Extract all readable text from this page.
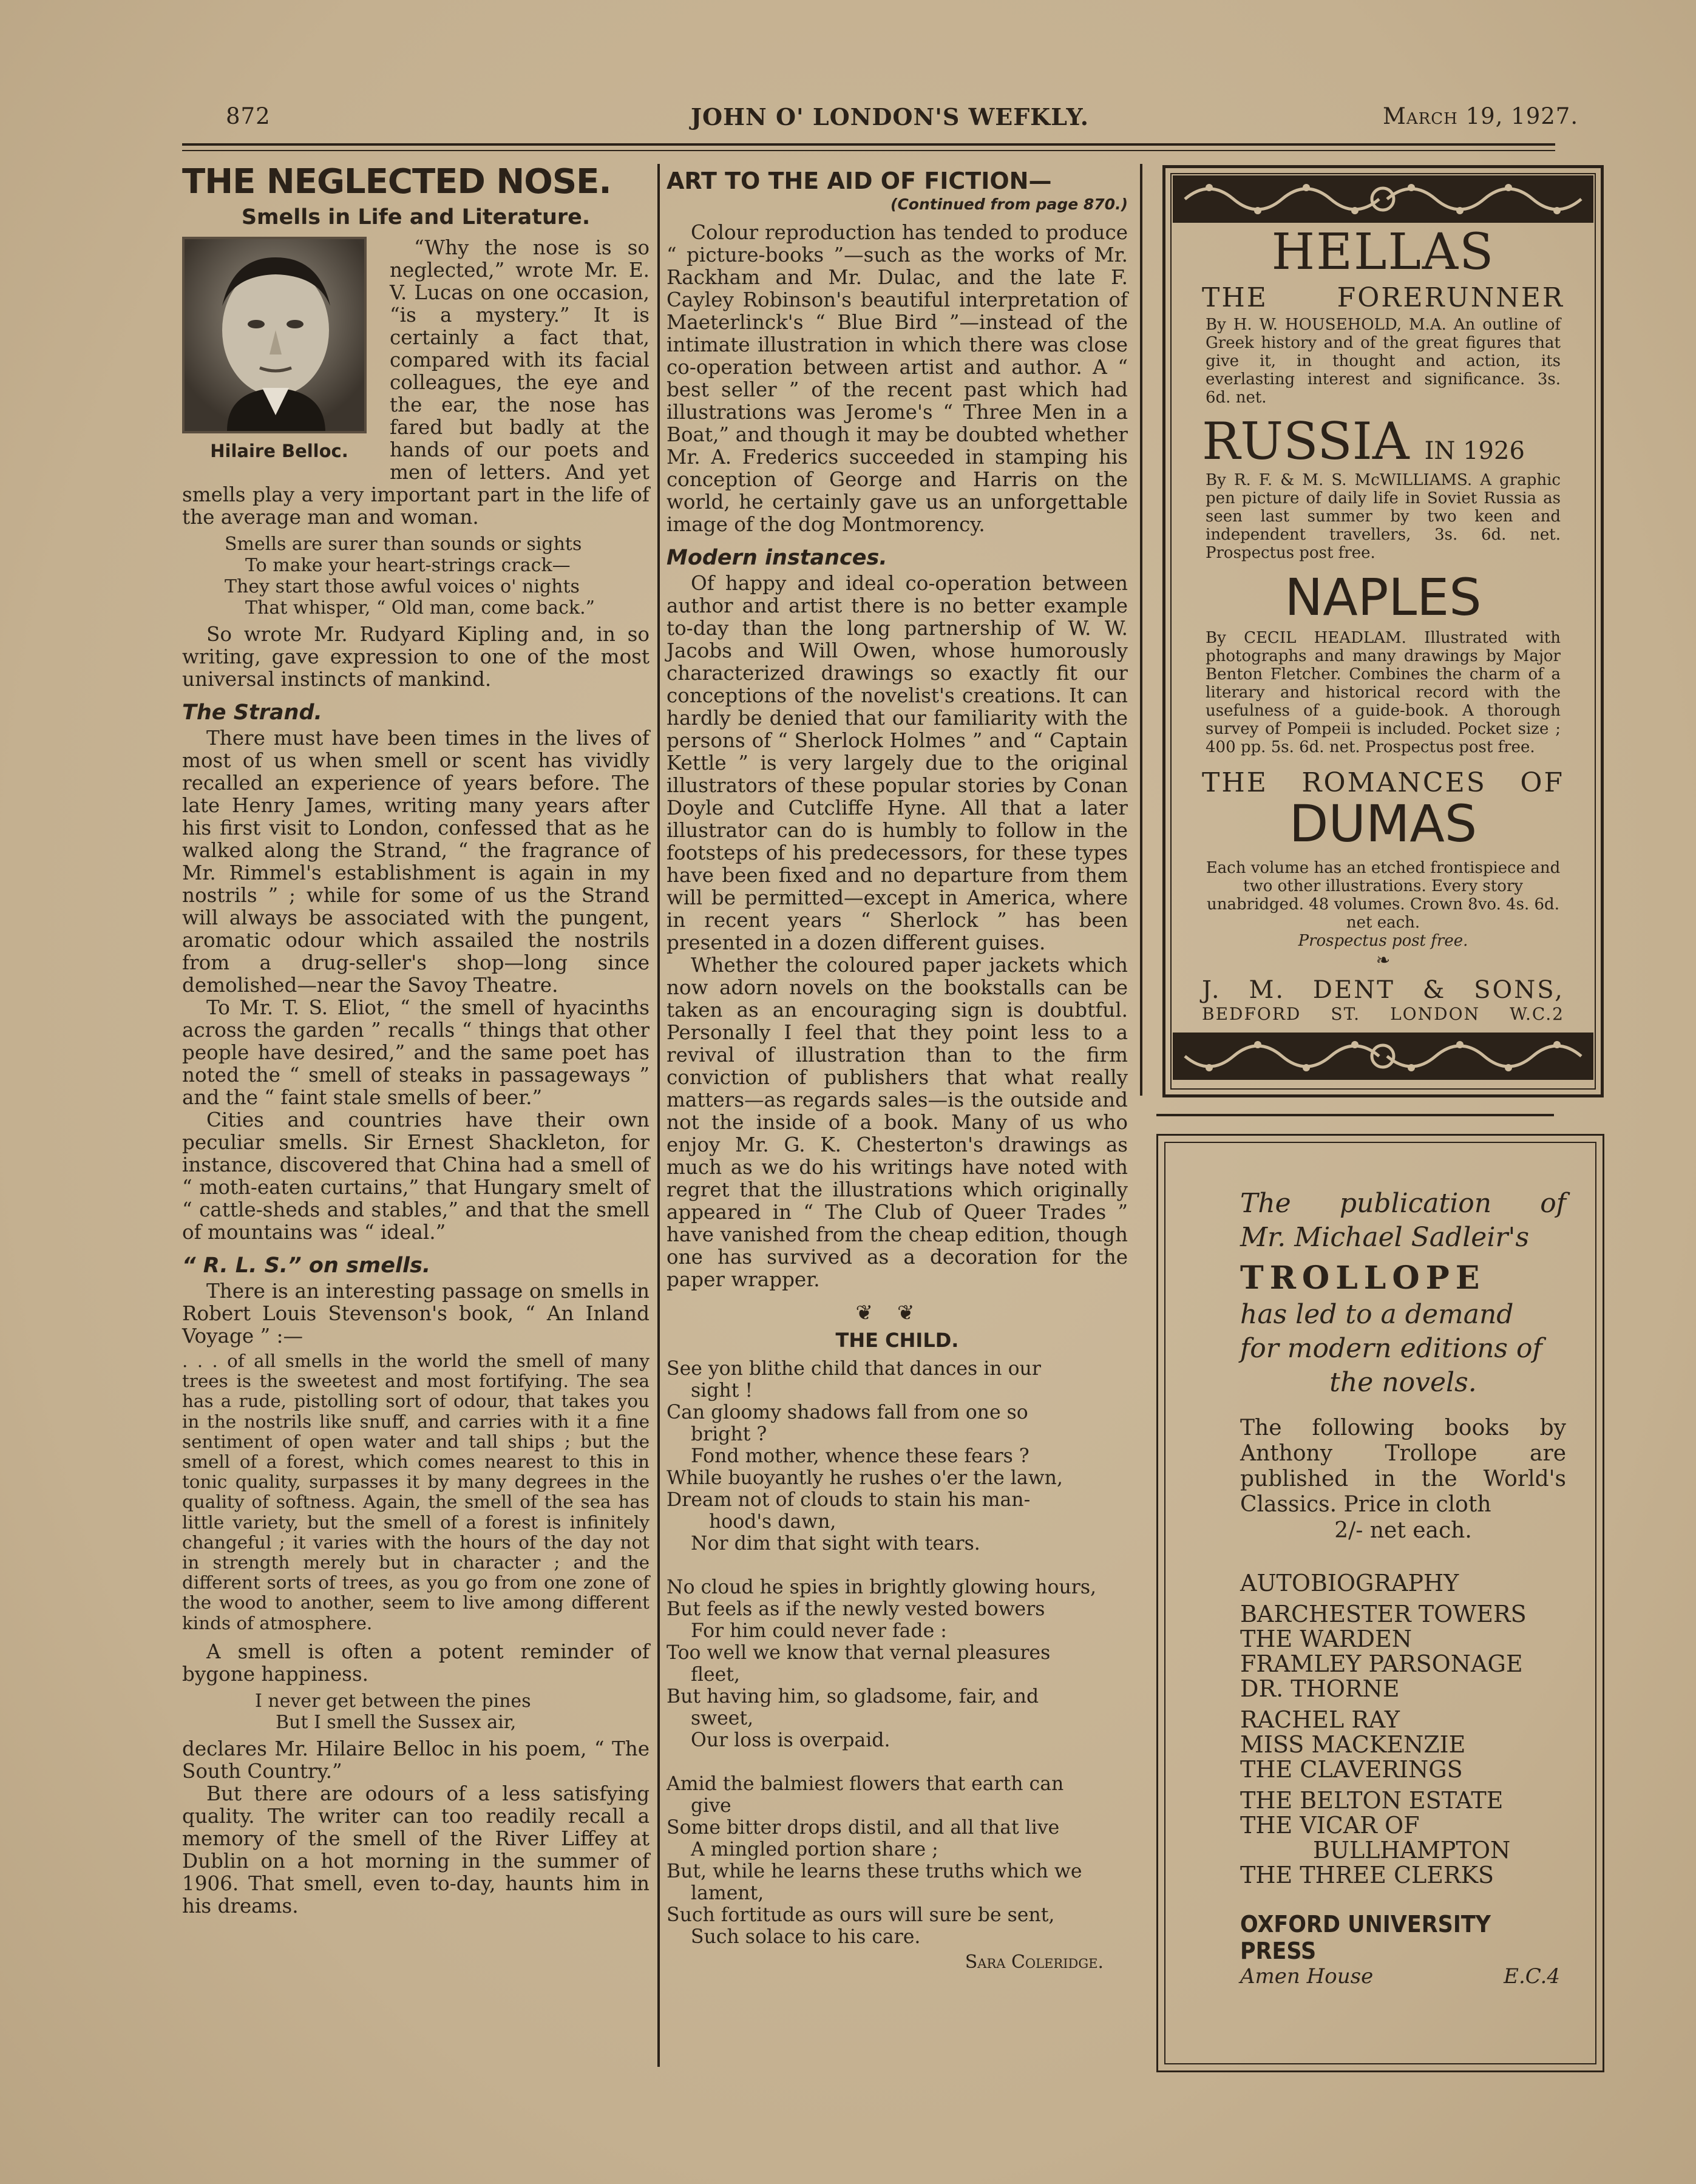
872	JOHN O' LONDON'S WEFKLY.	March 19, 1927.
THE NEGLECTED NOSE.
Smells in Life and Literature.
Hilaire Belloc.

“Why the nose is so neglected,” wrote Mr. E. V. Lucas on one occasion, “is a mystery.” It is certainly a fact that, compared with its facial colleagues, the eye and the ear, the nose has fared but badly at the hands of our poets and men of letters. And yet smells play a very important part in the life of the average man and woman.

Smells are surer than sounds or sights
To make your heart-strings crack—
They start those awful voices o' nights
That whisper, “ Old man, come back.”

So wrote Mr. Rudyard Kipling and, in so writing, gave expression to one of the most universal instincts of mankind.

The Strand.

There must have been times in the lives of most of us when smell or scent has vividly recalled an experience of years before. The late Henry James, writing many years after his first visit to London, confessed that as he walked along the Strand, “ the fragrance of Mr. Rimmel's establishment is again in my nostrils ” ; while for some of us the Strand will always be associated with the pungent, aromatic odour which assailed the nostrils from a drug-seller's shop—long since demolished—near the Savoy Theatre.

To Mr. T. S. Eliot, “ the smell of hyacinths across the garden ” recalls “ things that other people have desired,” and the same poet has noted the “ smell of steaks in passageways ” and the “ faint stale smells of beer.”

Cities and countries have their own peculiar smells. Sir Ernest Shackleton, for instance, discovered that China had a smell of “ moth-eaten curtains,” that Hungary smelt of “ cattle-sheds and stables,” and that the smell of mountains was “ ideal.”

“ R. L. S.” on smells.

There is an interesting passage on smells in Robert Louis Stevenson's book, “ An Inland Voyage ” :—

. . . of all smells in the world the smell of many trees is the sweetest and most fortifying. The sea has a rude, pistolling sort of odour, that takes you in the nostrils like snuff, and carries with it a fine sentiment of open water and tall ships ; but the smell of a forest, which comes nearest to this in tonic quality, surpasses it by many degrees in the quality of softness. Again, the smell of the sea has little variety, but the smell of a forest is infinitely changeful ; it varies with the hours of the day not in strength merely but in character ; and the different sorts of trees, as you go from one zone of the wood to another, seem to live among different kinds of atmosphere.

A smell is often a potent reminder of bygone happiness.

I never get between the pines
But I smell the Sussex air,

declares Mr. Hilaire Belloc in his poem, “ The South Country.”

But there are odours of a less satisfying quality. The writer can too readily recall a memory of the smell of the River Liffey at Dublin on a hot morning in the summer of 1906. That smell, even to-day, haunts him in his dreams.

ART TO THE AID OF FICTION—
(Continued from page 870.)

Colour reproduction has tended to produce “ picture-books ”—such as the works of Mr. Rackham and Mr. Dulac, and the late F. Cayley Robinson's beautiful interpretation of Maeterlinck's “ Blue Bird ”—instead of the intimate illustration in which there was close co-operation between artist and author. A “ best seller ” of the recent past which had illustrations was Jerome's “ Three Men in a Boat,” and though it may be doubted whether Mr. A. Frederics succeeded in stamping his conception of George and Harris on the world, he certainly gave us an unforgettable image of the dog Montmorency.

Modern instances.

Of happy and ideal co-operation between author and artist there is no better example to-day than the long partnership of W. W. Jacobs and Will Owen, whose humorously characterized drawings so exactly fit our conceptions of the novelist's creations. It can hardly be denied that our familiarity with the persons of “ Sherlock Holmes ” and “ Captain Kettle ” is very largely due to the original illustrators of these popular stories by Conan Doyle and Cutcliffe Hyne. All that a later illustrator can do is humbly to follow in the footsteps of his predecessors, for these types have been fixed and no departure from them will be permitted—except in America, where in recent years “ Sherlock ” has been presented in a dozen different guises.

Whether the coloured paper jackets which now adorn novels on the bookstalls can be taken as an encouraging sign is doubtful. Personally I feel that they point less to a revival of illustration than to the firm conviction of publishers that what really matters—as regards sales—is the outside and not the inside of a book. Many of us who enjoy Mr. G. K. Chesterton's drawings as much as we do his writings have noted with regret that the illustrations which originally appeared in “ The Club of Queer Trades ” have vanished from the cheap edition, though one has survived as a decoration for the paper wrapper.

❦❦
THE CHILD.
See yon blithe child that dances in our
sight !
Can gloomy shadows fall from one so
bright ?
Fond mother, whence these fears ?
While buoyantly he rushes o'er the lawn,
Dream not of clouds to stain his man-
hood's dawn,
Nor dim that sight with tears.
No cloud he spies in brightly glowing hours,
But feels as if the newly vested bowers
For him could never fade :
Too well we know that vernal pleasures
fleet,
But having him, so gladsome, fair, and
sweet,
Our loss is overpaid.
Amid the balmiest flowers that earth can
give
Some bitter drops distil, and all that live
A mingled portion share ;
But, while he learns these truths which we
lament,
Such fortitude as ours will sure be sent,
Such solace to his care.
Sara Coleridge.
HELLAS
THE FORERUNNER
By H. W. HOUSEHOLD, M.A. An outline of Greek history and of the great figures that give it, in thought and action, its everlasting interest and significance. 3s. 6d. net.
RUSSIA IN 1926
By R. F. & M. S. McWILLIAMS. A graphic pen picture of daily life in Soviet Russia as seen last summer by two keen and independent travellers, 3s. 6d. net. Prospectus post free.
NAPLES
By CECIL HEADLAM. Illustrated with photographs and many drawings by Major Benton Fletcher. Combines the charm of a literary and historical record with the usefulness of a guide-book. A thorough survey of Pompeii is included. Pocket size ; 400 pp. 5s. 6d. net. Prospectus post free.
THE ROMANCES OF
DUMAS
Each volume has an etched frontispiece and two other illustrations. Every story unabridged. 48 volumes. Crown 8vo. 4s. 6d. net each.
Prospectus post free.
❧
J. M. DENT & SONS,
BEDFORD ST. LONDON W.C.2
The publication of
Mr. Michael Sadleir's
TROLLOPE
has led to a demand
for modern editions of
the novels.
The following books by Anthony Trollope are published in the World's Classics. Price in cloth
2/- net each.
AUTOBIOGRAPHY
BARCHESTER TOWERS
THE WARDEN
FRAMLEY PARSONAGE
DR. THORNE
RACHEL RAY
MISS MACKENZIE
THE CLAVERINGS
THE BELTON ESTATE
THE VICAR OF
BULLHAMPTON
THE THREE CLERKS
OXFORD UNIVERSITY PRESS
Amen House	E.C.4
